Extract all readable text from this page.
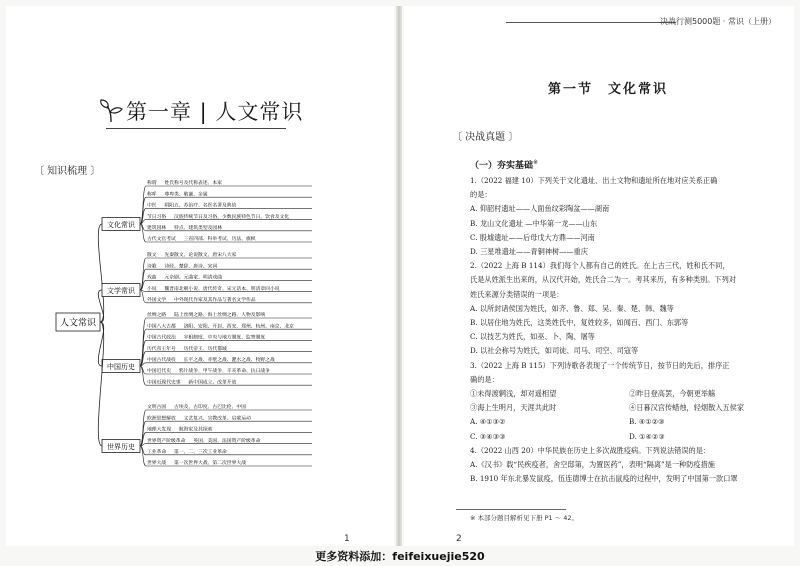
人文常识
文化常识
称谓 　 姓氏称号及代称表述、本家
称呼 　 尊卑类、敬谦、亲属
中医 　 阴阳五、苏治疗、名医名著及典故
节日习俗 　 汉族传统节日及习俗，少数民族特色节日，饮食及文化
建筑园林 　 特点、建筑类型及园林
古代文官考试 　 三省四部、科举考试、历法、旗帜
文学常识
散文 　 先秦散文、论说散文、唐宋八大家
诗歌 　 诗经、楚辞、唐诗、宋词
戏曲 　 元杂剧、元曲家、明清戏曲
小说 　 魏晋南北朝小说、唐代传奇、宋元话本、明清章回小说
外国文学 　 中外现代作家及其作品与著名文学作品
中国历史
丝绸之路 　 陆上丝绸之路、海上丝绸之路、人物及影响
中国八大古都 　 洛阳、安阳、开封、西安、郑州、杭州、南京、北京
中国古代政治 　 宰相制度、中央与地方制度、监察制度
历代帝王年号 　 历代帝王、历代都城
中国古代战役 　 长平之战、赤壁之战、淝水之战、牧野之战
中国近代史 　 鸦片战争、甲午战争、辛亥革命、抗日战争
中国近现代史事 　 新中国成立、改革开放
世界历史
文明古国 　 古埃及、古印度、古巴比伦、中国
欧洲思想解放 　 文艺复兴、宗教改革、启蒙运动
地理大发现 　 航海家及其探索
世界资产阶级革命 　 英国、美国、法国资产阶级革命
工业革命 　 第一、二、三次工业革命
世界大战 　 第一次世界大战、第二次世界大战
第一章 | 人文常识
〔 知识梳理 〕
1
决战行测5000题 · 常识（上册）
第一节　文化常识
〔 决战真题 〕
（一）夯实基础※
1.（2022 福建 10）下列关于文化遗址、出土文物和遗址所在地对应关系正确
的是：
A. 仰韶村遗址——人面鱼纹彩陶盆——湖南
B. 龙山文化遗址 —中华第一龙——山东
C. 殷墟遗址——后母戊大方鼎——河南
D. 三星堆遗址——青铜神树——重庆
2.（2022 上海 B 114）我们每个人都有自己的姓氏。在上古三代，姓和氏不同，
氏是从姓派生出来的，从汉代开始，姓氏合二为一。考其来历，有多种类别。下列对
姓氏来源分类错误的一项是：
A. 以所封诸侯国为姓氏，如齐、鲁、郑、吴、秦、楚、韩、魏等
B. 以居住地为姓氏，这类姓氏中，复姓较多，如闻百、西门、东郭等
C. 以技艺为姓氏，如巫、卜、陶、屠等
D. 以社会称号为姓氏，如司徒、司马、司空、司寇等
3.（2022 上海 B 115）下列诗歌各表现了一个传统节日，按节日的先后，排序正
确的是：
①未得渡辋浅，却对遥相望	②昨日登高罢，今朝更举觞
③海上生明月，天涯共此时	④日暮汉宫传蜡烛，轻烟散入五侯家
A. ④①③②	B. ④①②③
C. ③④③③	D. ①④②③
4.（2022 山西 20）中华民族在历史上多次战胜疫病。下列说法错误的是：
A.《汉书》载“民疾疫者，舍空邸第，为置医药”，表明“隔离”是一种防疫措施
B. 1910 年东北暴发鼠疫，伍连德博士在抗击鼠疫的过程中，发明了中国第一款口罩
※ 本部分题目解析见下册 P1 ～ 42。
2
更多资料添加：feifeixuejie520
